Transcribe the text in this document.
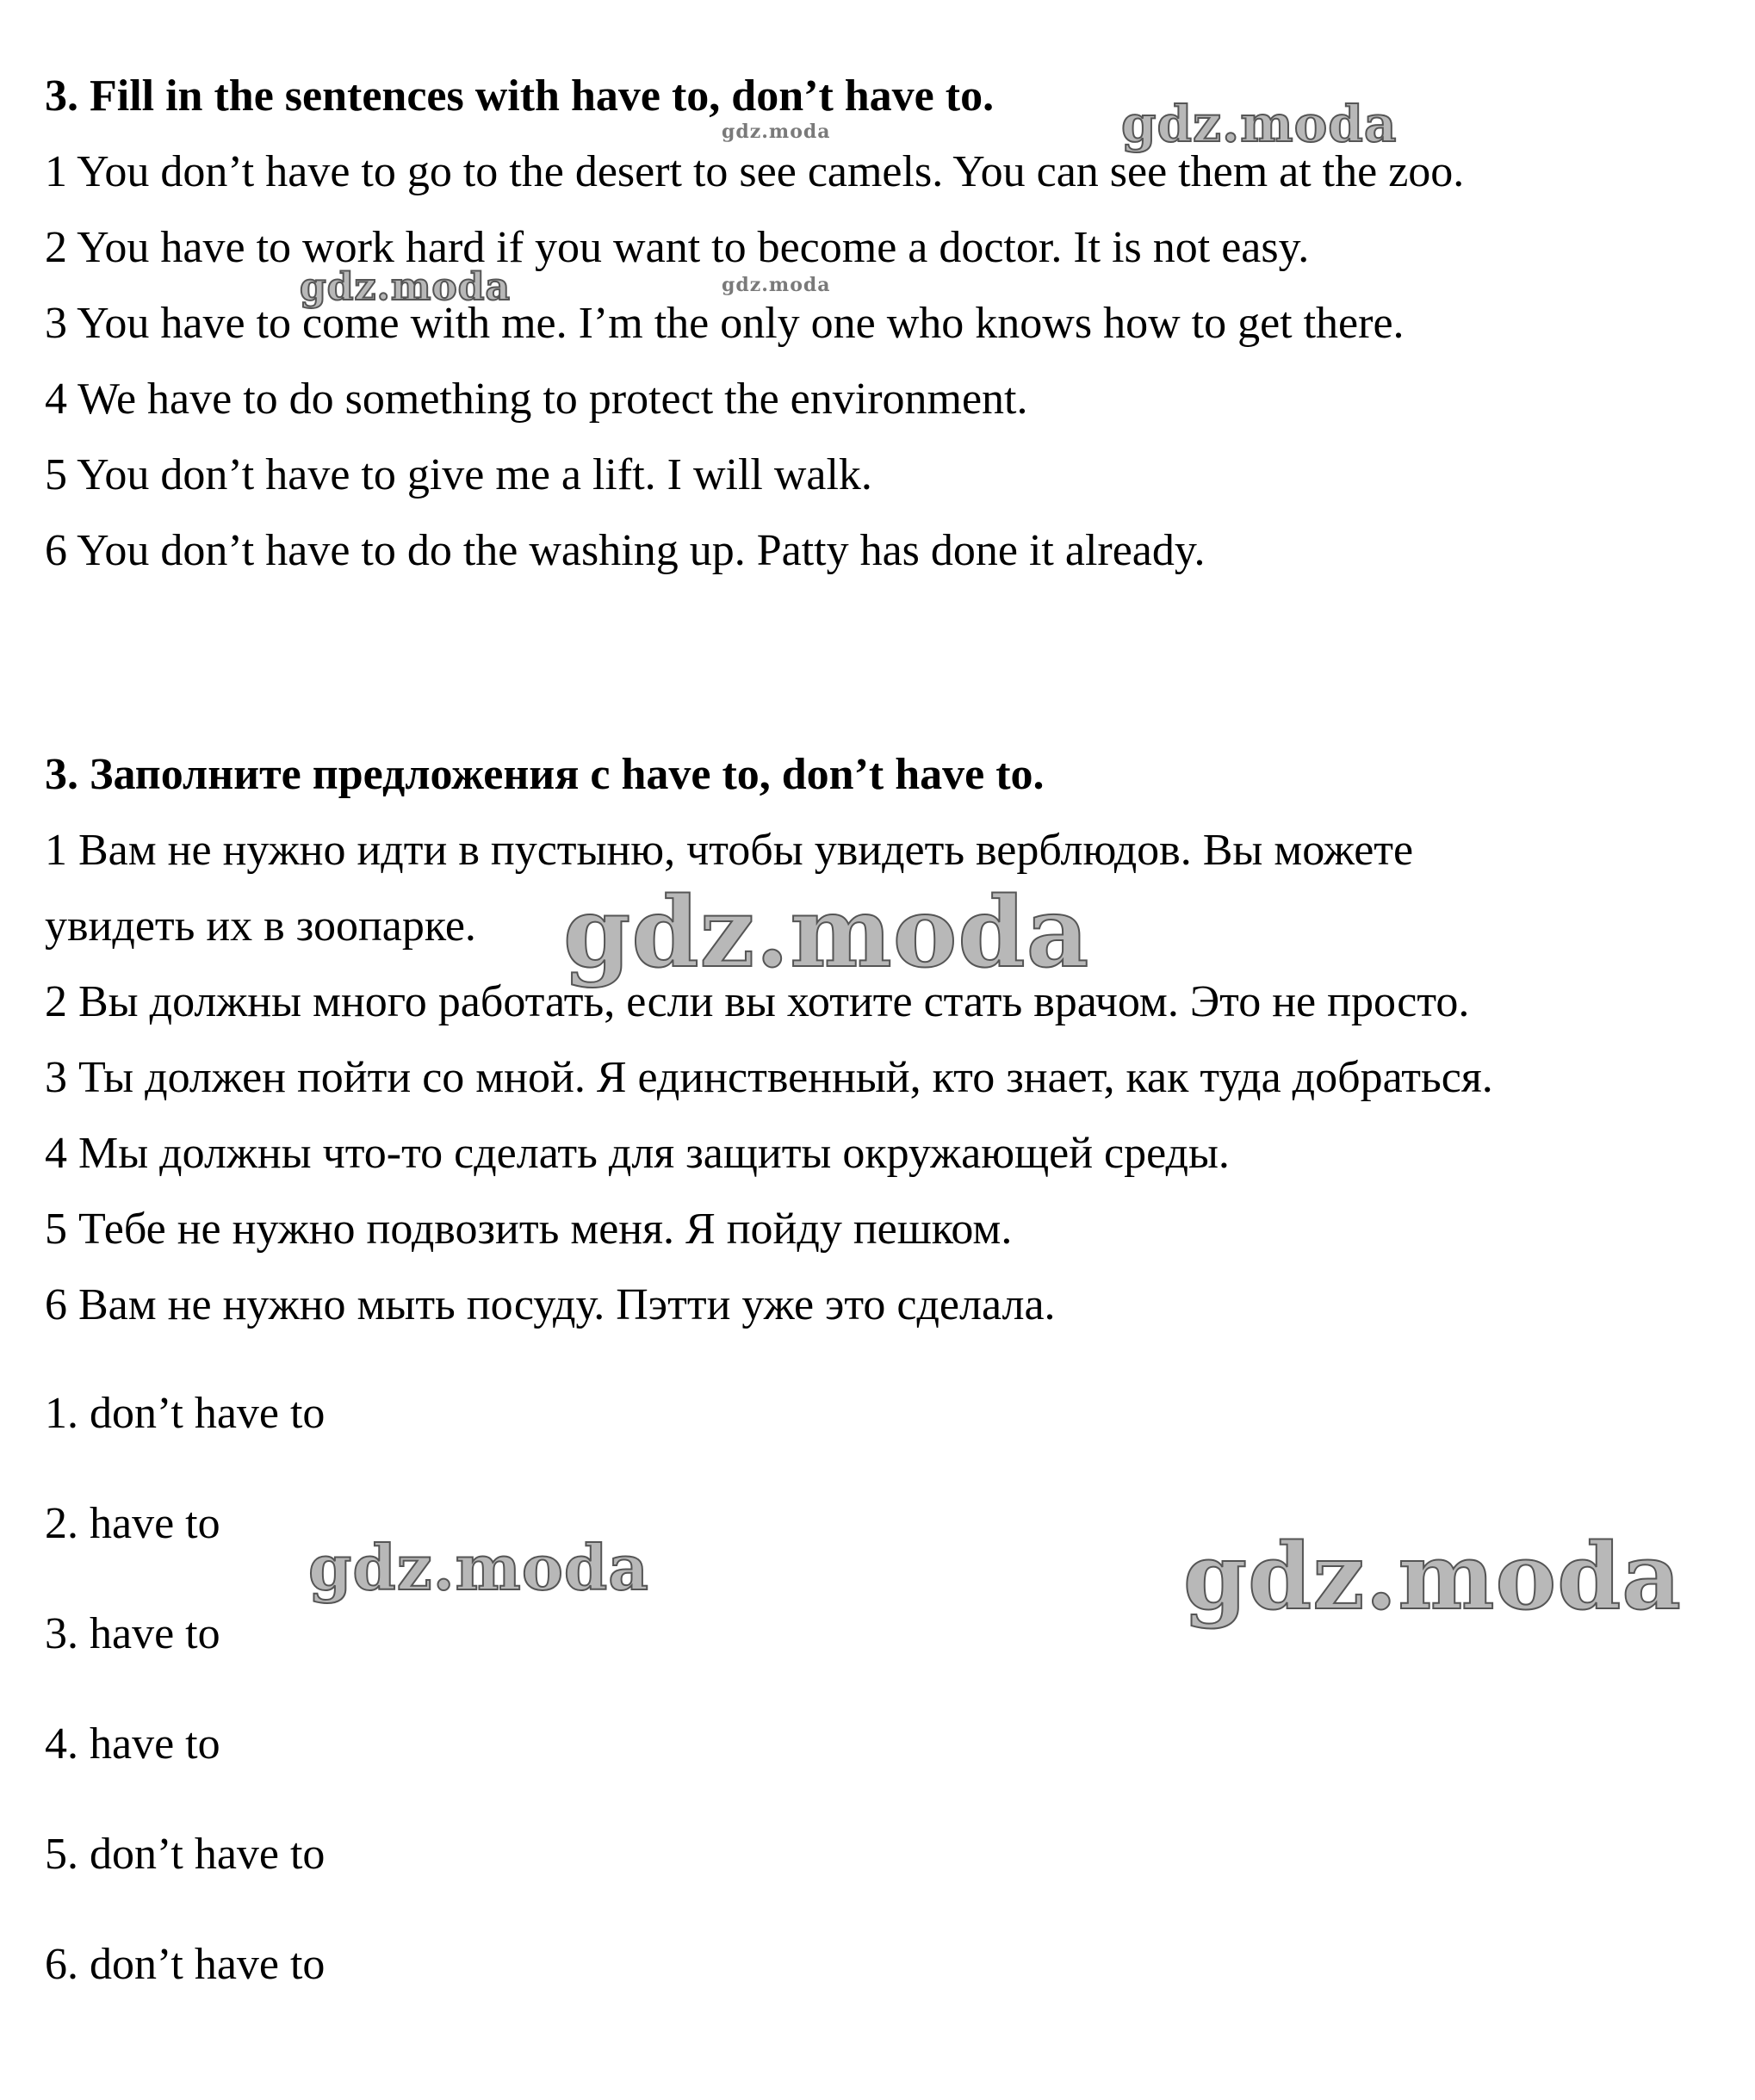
3. Fill in the sentences with have to, don’t have to.
1 You don’t have to go to the desert to see camels. You can see them at the zoo.
2 You have to work hard if you want to become a doctor. It is not easy.
3 You have to come with me. I’m the only one who knows how to get there.
4 We have to do something to protect the environment.
5 You don’t have to give me a lift. I will walk.
6 You don’t have to do the washing up. Patty has done it already.
3. Заполните предложения с have to, don’t have to.
1 Вам не нужно идти в пустыню, чтобы увидеть верблюдов. Вы можете
увидеть их в зоопарке.
2 Вы должны много работать, если вы хотите стать врачом. Это не просто.
3 Ты должен пойти со мной. Я единственный, кто знает, как туда добраться.
4 Мы должны что-то сделать для защиты окружающей среды.
5 Тебе не нужно подвозить меня. Я пойду пешком.
6 Вам не нужно мыть посуду. Пэтти уже это сделала.
1. don’t have to
2. have to
3. have to
4. have to
5. don’t have to
6. don’t have to
gdz.moda
gdz.moda
gdz.moda	gdz.moda
gdz.moda
gdz.moda	gdz.moda
